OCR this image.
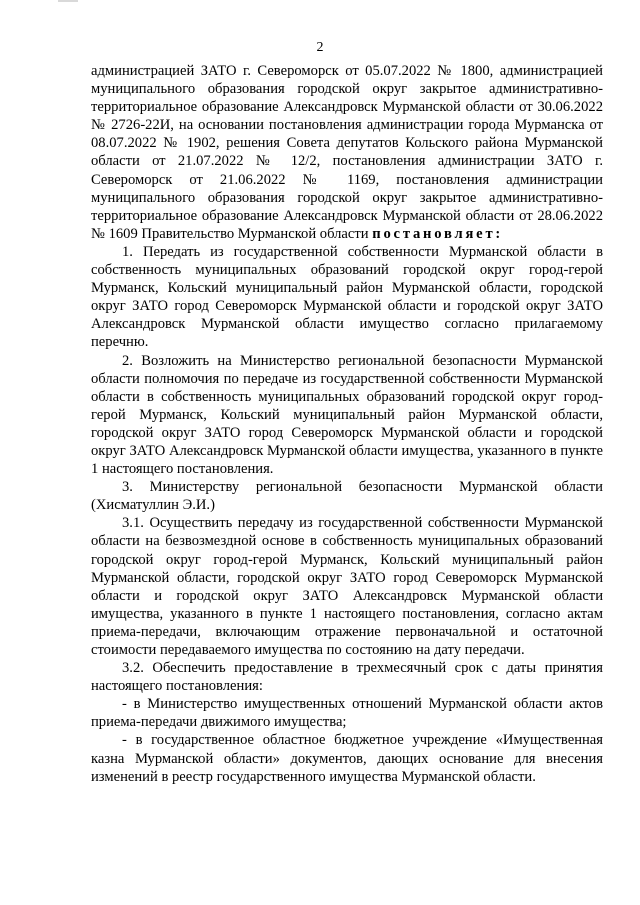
2

администрацией ЗАТО г. Североморск от 05.07.2022 № 1800, администрацией муниципального образования городской округ закрытое административно-территориальное образование Александровск Мурманской области от 30.06.2022 № 2726-22И, на основании постановления администрации города Мурманска от 08.07.2022 № 1902, решения Совета депутатов Кольского района Мурманской области от 21.07.2022 № 12/2, постановления администрации ЗАТО г. Североморск от 21.06.2022 № 1169, постановления администрации муниципального образования городской округ закрытое административно-территориальное образование Александровск Мурманской области от 28.06.2022 № 1609 Правительство Мурманской области постановляет:

1. Передать из государственной собственности Мурманской области в собственность муниципальных образований городской округ город-герой Мурманск, Кольский муниципальный район Мурманской области, городской округ ЗАТО город Североморск Мурманской области и городской округ ЗАТО Александровск Мурманской области имущество согласно прилагаемому перечню.

2. Возложить на Министерство региональной безопасности Мурманской области полномочия по передаче из государственной собственности Мурманской области в собственность муниципальных образований городской округ город-герой Мурманск, Кольский муниципальный район Мурманской области, городской округ ЗАТО город Североморск Мурманской области и городской округ ЗАТО Александровск Мурманской области имущества, указанного в пункте 1 настоящего постановления.

3. Министерству региональной безопасности Мурманской области (Хисматуллин Э.И.)

3.1. Осуществить передачу из государственной собственности Мурманской области на безвозмездной основе в собственность муниципальных образований городской округ город-герой Мурманск, Кольский муниципальный район Мурманской области, городской округ ЗАТО город Североморск Мурманской области и городской округ ЗАТО Александровск Мурманской области имущества, указанного в пункте 1 настоящего постановления, согласно актам приема-передачи, включающим отражение первоначальной и остаточной стоимости передаваемого имущества по состоянию на дату передачи.

3.2. Обеспечить предоставление в трехмесячный срок с даты принятия настоящего постановления:

- в Министерство имущественных отношений Мурманской области актов приема-передачи движимого имущества;

- в государственное областное бюджетное учреждение «Имущественная казна Мурманской области» документов, дающих основание для внесения изменений в реестр государственного имущества Мурманской области.
